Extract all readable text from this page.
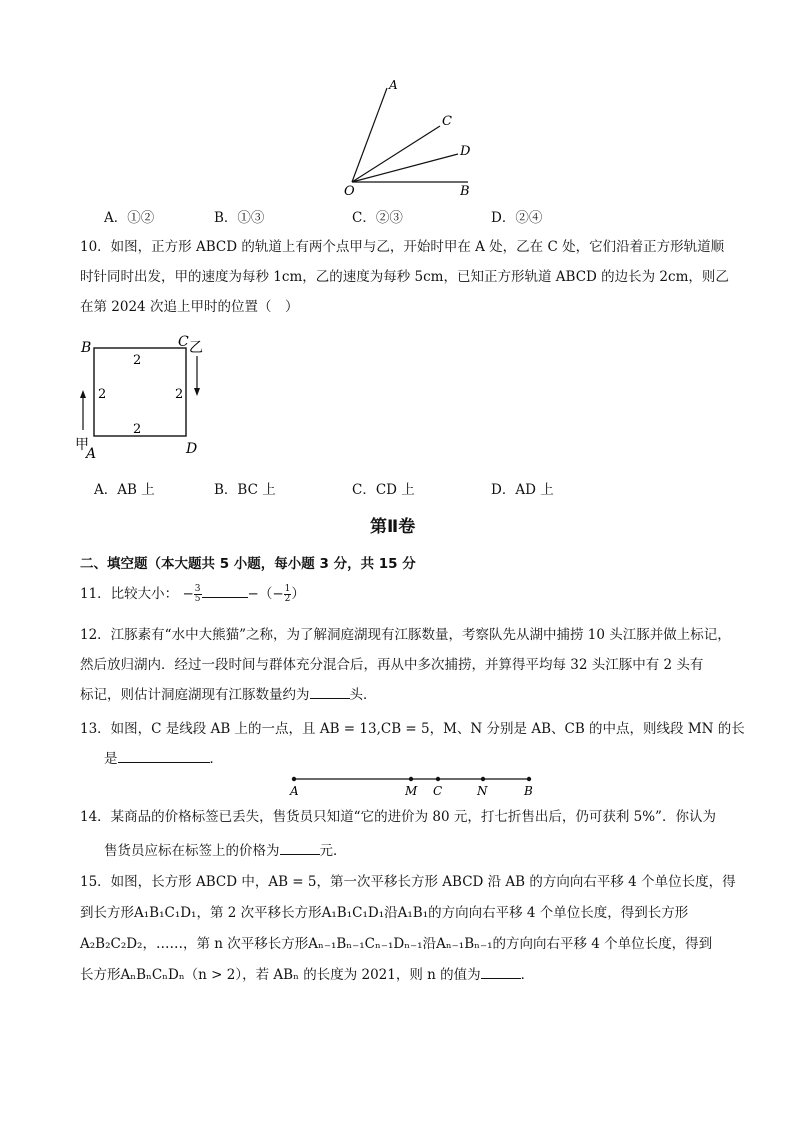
A
C
D
O	B
A．①②	B．①③	C．②③	D．②④
10．如图，正方形 ABCD 的轨道上有两个点甲与乙，开始时甲在 A 处，乙在 C 处，它们沿着正方形轨道顺
时针同时出发，甲的速度为每秒 1cm，乙的速度为每秒 5cm，已知正方形轨道 ABCD 的边长为 2cm，则乙
在第 2024 次追上甲时的位置（　）
B	C 乙
D
甲
A
2
2	2
2
A．AB 上	B．BC 上	C．CD 上	D．AD 上
第Ⅱ卷
二、填空题（本大题共 5 小题，每小题 3 分，共 15 分
11．比较大小： − $\frac{3}{5}$	−（− $\frac{1}{2}$ ）
12．江豚素有“水中大熊猫”之称，为了解洞庭湖现有江豚数量，考察队先从湖中捕捞 10 头江豚并做上标记，
然后放归湖内．经过一段时间与群体充分混合后，再从中多次捕捞，并算得平均每 32 头江豚中有 2 头有
标记，则估计洞庭湖现有江豚数量约为	头．
13．如图，C 是线段 AB 上的一点，且 AB = 13,CB = 5，M、N 分别是 AB、CB 的中点，则线段 MN 的长
是	．
A	M C	N	B
14．某商品的价格标签已丢失，售货员只知道“它的进价为 80 元，打七折售出后，仍可获利 5%”．你认为
售货员应标在标签上的价格为	元．
15．如图，长方形 ABCD 中，AB = 5，第一次平移长方形 ABCD 沿 AB 的方向向右平移 4 个单位长度，得
到长方形A₁B₁C₁D₁，第 2 次平移长方形A₁B₁C₁D₁沿A₁B₁的方向向右平移 4 个单位长度，得到长方形
A₂B₂C₂D₂，……，第 n 次平移长方形Aₙ₋₁Bₙ₋₁Cₙ₋₁Dₙ₋₁沿Aₙ₋₁Bₙ₋₁的方向向右平移 4 个单位长度，得到
长方形AₙBₙCₙDₙ（n > 2），若 ABₙ 的长度为 2021，则 n 的值为	．
